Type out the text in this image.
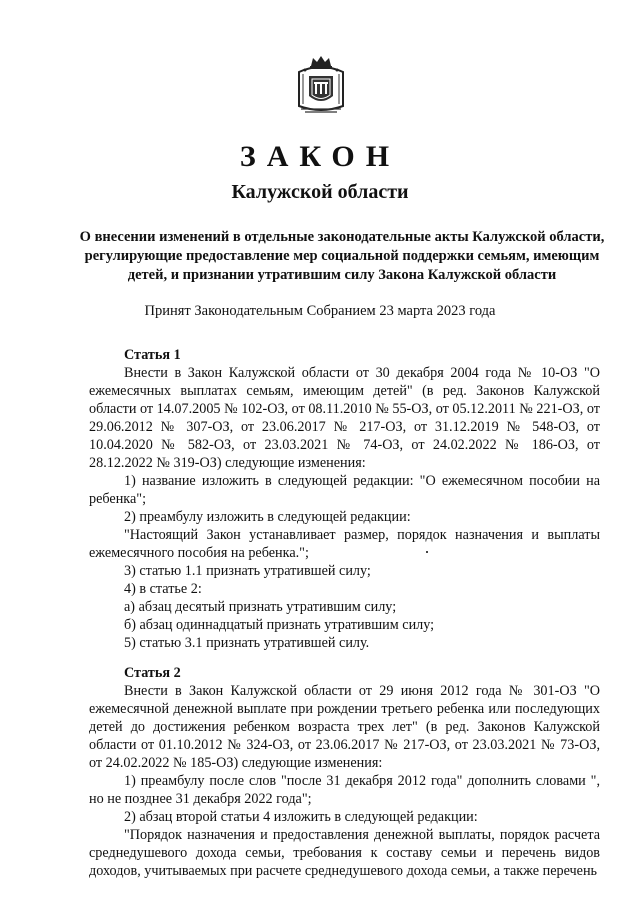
ЗАКОН
Калужской области
О внесении изменений в отдельные законодательные акты Калужской области, регулирующие предоставление мер социальной поддержки семьям, имеющим детей, и признании утратившим силу Закона Калужской области
Принят Законодательным Собранием 23 марта 2023 года

Статья 1

Внести в Закон Калужской области от 30 декабря 2004 года № 10-ОЗ "О ежемесячных выплатах семьям, имеющим детей" (в ред. Законов Калужской области от 14.07.2005 № 102-ОЗ, от 08.11.2010 № 55-ОЗ, от 05.12.2011 № 221-ОЗ, от 29.06.2012 № 307-ОЗ, от 23.06.2017 № 217-ОЗ, от 31.12.2019 № 548-ОЗ, от 10.04.2020 № 582-ОЗ, от 23.03.2021 № 74-ОЗ, от 24.02.2022 № 186-ОЗ, от 28.12.2022 № 319-ОЗ) следующие изменения:

1) название изложить в следующей редакции: "О ежемесячном пособии на ребенка";

2) преамбулу изложить в следующей редакции:

"Настоящий Закон устанавливает размер, порядок назначения и выплаты ежемесячного пособия на ребенка.";

3) статью 1.1 признать утратившей силу;

4) в статье 2:

а) абзац десятый признать утратившим силу;

б) абзац одиннадцатый признать утратившим силу;

5) статью 3.1 признать утратившей силу.

Статья 2

Внести в Закон Калужской области от 29 июня 2012 года № 301-ОЗ "О ежемесячной денежной выплате при рождении третьего ребенка или последующих детей до достижения ребенком возраста трех лет" (в ред. Законов Калужской области от 01.10.2012 № 324-ОЗ, от 23.06.2017 № 217-ОЗ, от 23.03.2021 № 73-ОЗ, от 24.02.2022 № 185-ОЗ) следующие изменения:

1) преамбулу после слов "после 31 декабря 2012 года" дополнить словами ", но не позднее 31 декабря 2022 года";

2) абзац второй статьи 4 изложить в следующей редакции:

"Порядок назначения и предоставления денежной выплаты, порядок расчета среднедушевого дохода семьи, требования к составу семьи и перечень видов доходов, учитываемых при расчете среднедушевого дохода семьи, а также перечень
